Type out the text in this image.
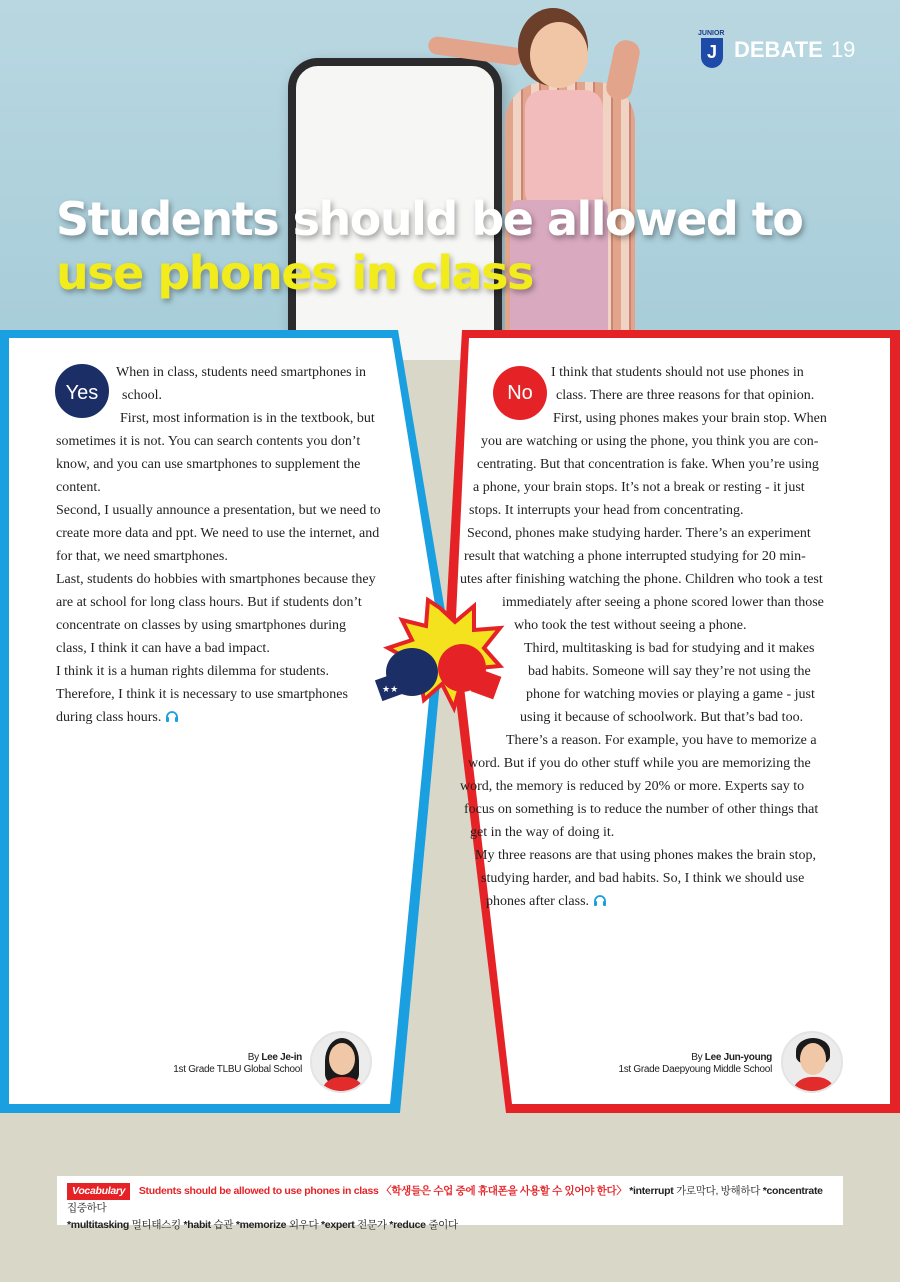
JUNIOR
J DEBATE 19
Students should be allowed to
use phones in class
★★
Yes
When in class, students need smartphones in
school.
First, most information is in the textbook, but
sometimes it is not. You can search contents you don’t
know, and you can use smartphones to supplement the
content.
Second, I usually announce a presentation, but we need to
create more data and ppt. We need to use the internet, and
for that, we need smartphones.
Last, students do hobbies with smartphones because they
are at school for long class hours. But if students don’t
concentrate on classes by using smartphones during
class, I think it can have a bad impact.
I think it is a human rights dilemma for students.
Therefore, I think it is necessary to use smartphones
during class hours.
By Lee Je-in
1st Grade TLBU Global School
No
I think that students should not use phones in
class. There are three reasons for that opinion.
First, using phones makes your brain stop. When
you are watching or using the phone, you think you are con-
centrating. But that concentration is fake. When you’re using
a phone, your brain stops. It’s not a break or resting - it just
stops. It interrupts your head from concentrating.
Second, phones make studying harder. There’s an experiment
result that watching a phone interrupted studying for 20 min-
utes after finishing watching the phone. Children who took a test
immediately after seeing a phone scored lower than those
who took the test without seeing a phone.
Third, multitasking is bad for studying and it makes
bad habits. Someone will say they’re not using the
phone for watching movies or playing a game - just
using it because of schoolwork. But that’s bad too.
There’s a reason. For example, you have to memorize a
word. But if you do other stuff while you are memorizing the
word, the memory is reduced by 20% or more. Experts say to
focus on something is to reduce the number of other things that
get in the way of doing it.
My three reasons are that using phones makes the brain stop,
studying harder, and bad habits. So, I think we should use
phones after class.
By Lee Jun-young
1st Grade Daepyoung Middle School
Vocabulary Students should be allowed to use phones in class 〈학생들은 수업 중에 휴대폰을 사용할 수 있어야 한다〉 *interrupt 가로막다, 방해하다 *concentrate 집중하다
*multitasking 멀티태스킹 *habit 습관 *memorize 외우다 *expert 전문가 *reduce 줄이다
